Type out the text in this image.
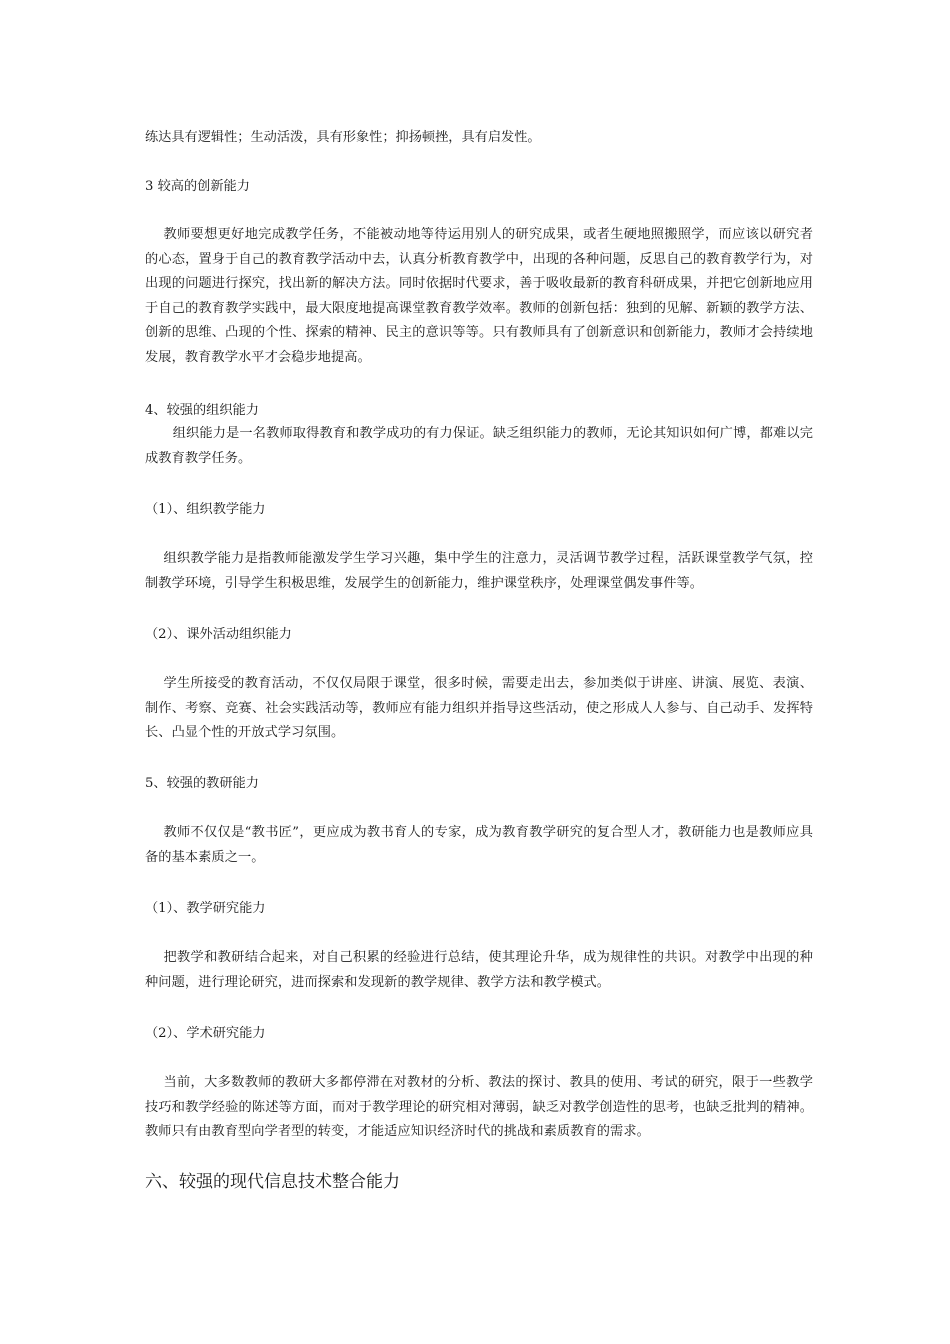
练达具有逻辑性；生动活泼，具有形象性；抑扬顿挫，具有启发性。
3 较高的创新能力
教师要想更好地完成教学任务，不能被动地等待运用别人的研究成果，或者生硬地照搬照学，而应该以研究者的心态，置身于自己的教育教学活动中去，认真分析教育教学中，出现的各种问题，反思自己的教育教学行为，对出现的问题进行探究，找出新的解决方法。同时依据时代要求，善于吸收最新的教育科研成果，并把它创新地应用于自己的教育教学实践中，最大限度地提高课堂教育教学效率。教师的创新包括：独到的见解、新颖的教学方法、创新的思维、凸现的个性、探索的精神、民主的意识等等。只有教师具有了创新意识和创新能力，教师才会持续地发展，教育教学水平才会稳步地提高。
4、较强的组织能力
组织能力是一名教师取得教育和教学成功的有力保证。缺乏组织能力的教师，无论其知识如何广博，都难以完成教育教学任务。
（1）、组织教学能力
组织教学能力是指教师能激发学生学习兴趣，集中学生的注意力，灵活调节教学过程，活跃课堂教学气氛，控制教学环境，引导学生积极思维，发展学生的创新能力，维护课堂秩序，处理课堂偶发事件等。
（2）、课外活动组织能力
学生所接受的教育活动，不仅仅局限于课堂，很多时候，需要走出去，参加类似于讲座、讲演、展览、表演、制作、考察、竞赛、社会实践活动等，教师应有能力组织并指导这些活动，使之形成人人参与、自己动手、发挥特长、凸显个性的开放式学习氛围。
5、较强的教研能力
教师不仅仅是“教书匠”，更应成为教书育人的专家，成为教育教学研究的复合型人才，教研能力也是教师应具备的基本素质之一。
（1）、教学研究能力
把教学和教研结合起来，对自己积累的经验进行总结，使其理论升华，成为规律性的共识。对教学中出现的种种问题，进行理论研究，进而探索和发现新的教学规律、教学方法和教学模式。
（2）、学术研究能力
当前，大多数教师的教研大多都停滞在对教材的分析、教法的探讨、教具的使用、考试的研究，限于一些教学技巧和教学经验的陈述等方面，而对于教学理论的研究相对薄弱，缺乏对教学创造性的思考，也缺乏批判的精神。教师只有由教育型向学者型的转变，才能适应知识经济时代的挑战和素质教育的需求。
六、较强的现代信息技术整合能力
